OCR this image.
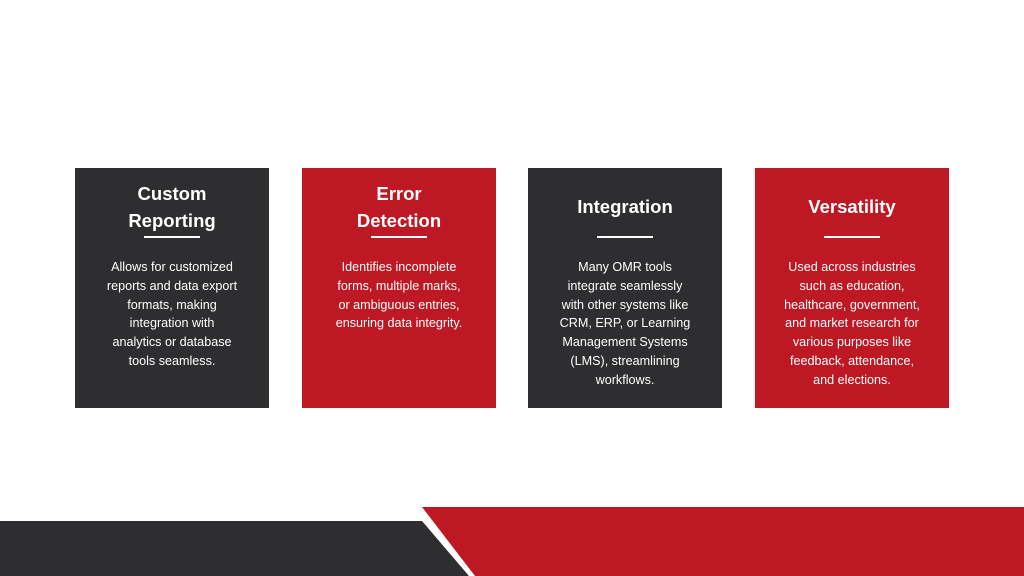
Custom
Reporting
Allows for customized
reports and data export
formats, making
integration with
analytics or database
tools seamless.
Error
Detection
Identifies incomplete
forms, multiple marks,
or ambiguous entries,
ensuring data integrity.
Integration
Many OMR tools
integrate seamlessly
with other systems like
CRM, ERP, or Learning
Management Systems
(LMS), streamlining
workflows.
Versatility
Used across industries
such as education,
healthcare, government,
and market research for
various purposes like
feedback, attendance,
and elections.
